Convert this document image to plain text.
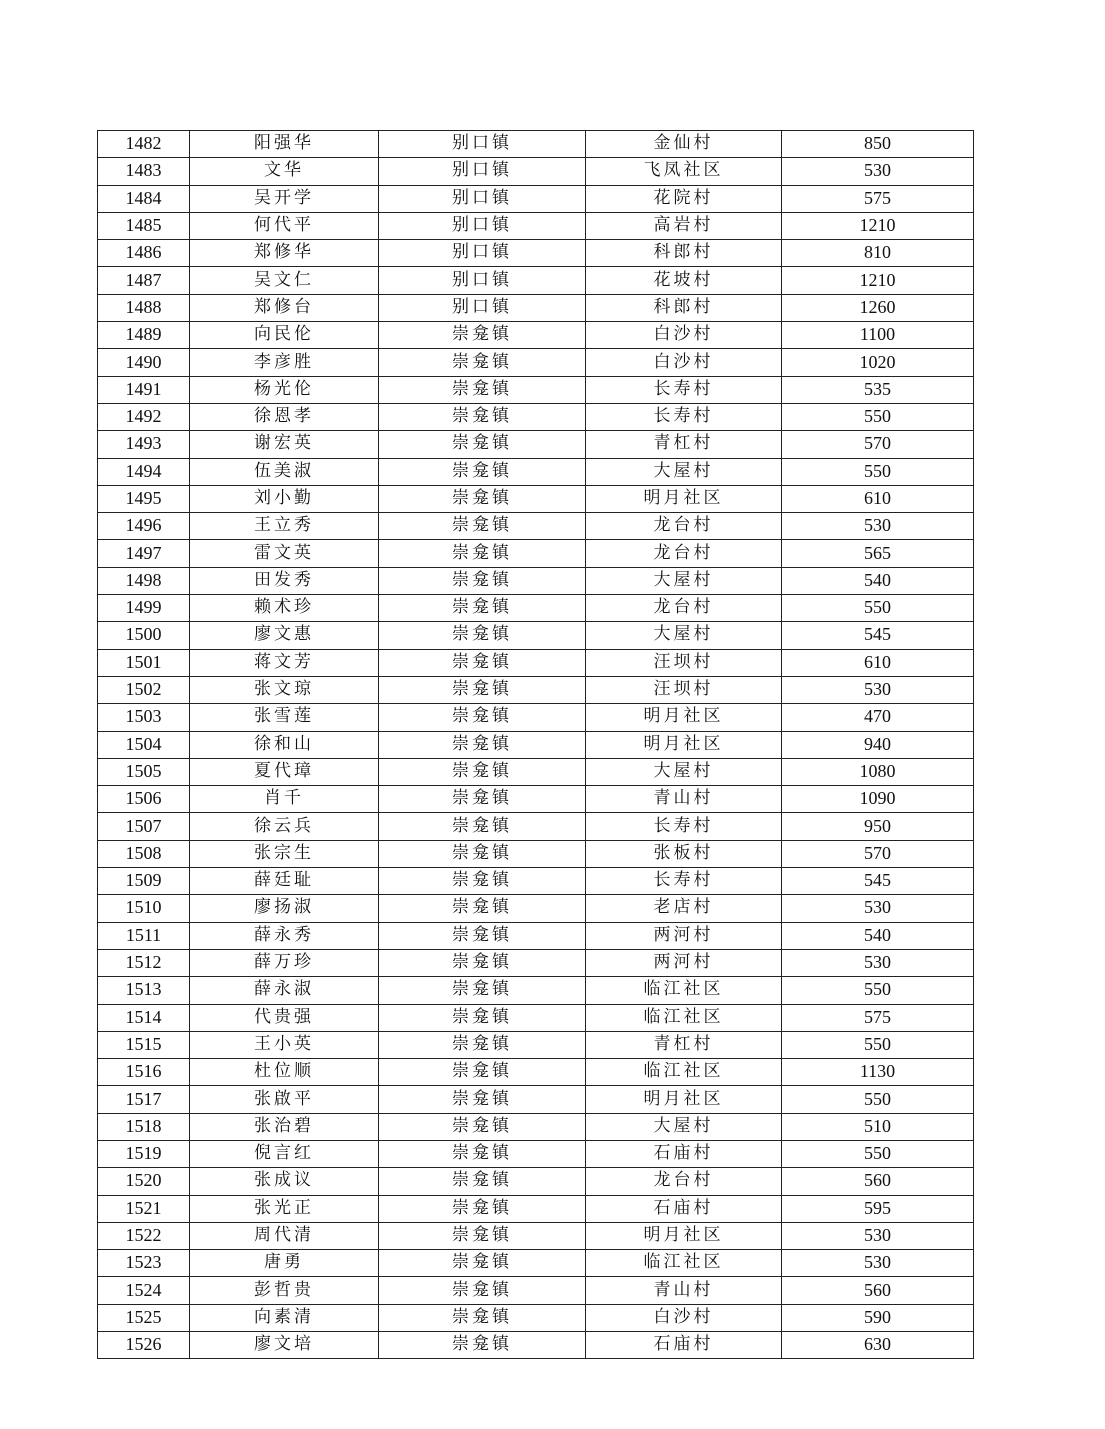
1482	阳强华	别口镇	金仙村	850
1483	文华	别口镇	飞凤社区	530
1484	吴开学	别口镇	花院村	575
1485	何代平	别口镇	高岩村	1210
1486	郑修华	别口镇	科郎村	810
1487	吴文仁	别口镇	花坡村	1210
1488	郑修台	别口镇	科郎村	1260
1489	向民伦	崇龛镇	白沙村	1100
1490	李彦胜	崇龛镇	白沙村	1020
1491	杨光伦	崇龛镇	长寿村	535
1492	徐恩孝	崇龛镇	长寿村	550
1493	谢宏英	崇龛镇	青杠村	570
1494	伍美淑	崇龛镇	大屋村	550
1495	刘小勤	崇龛镇	明月社区	610
1496	王立秀	崇龛镇	龙台村	530
1497	雷文英	崇龛镇	龙台村	565
1498	田发秀	崇龛镇	大屋村	540
1499	赖术珍	崇龛镇	龙台村	550
1500	廖文惠	崇龛镇	大屋村	545
1501	蒋文芳	崇龛镇	汪坝村	610
1502	张文琼	崇龛镇	汪坝村	530
1503	张雪莲	崇龛镇	明月社区	470
1504	徐和山	崇龛镇	明月社区	940
1505	夏代璋	崇龛镇	大屋村	1080
1506	肖千	崇龛镇	青山村	1090
1507	徐云兵	崇龛镇	长寿村	950
1508	张宗生	崇龛镇	张板村	570
1509	薛廷耻	崇龛镇	长寿村	545
1510	廖扬淑	崇龛镇	老店村	530
1511	薛永秀	崇龛镇	两河村	540
1512	薛万珍	崇龛镇	两河村	530
1513	薛永淑	崇龛镇	临江社区	550
1514	代贵强	崇龛镇	临江社区	575
1515	王小英	崇龛镇	青杠村	550
1516	杜位顺	崇龛镇	临江社区	1130
1517	张啟平	崇龛镇	明月社区	550
1518	张治碧	崇龛镇	大屋村	510
1519	倪言红	崇龛镇	石庙村	550
1520	张成议	崇龛镇	龙台村	560
1521	张光正	崇龛镇	石庙村	595
1522	周代清	崇龛镇	明月社区	530
1523	唐勇	崇龛镇	临江社区	530
1524	彭哲贵	崇龛镇	青山村	560
1525	向素清	崇龛镇	白沙村	590
1526	廖文培	崇龛镇	石庙村	630
